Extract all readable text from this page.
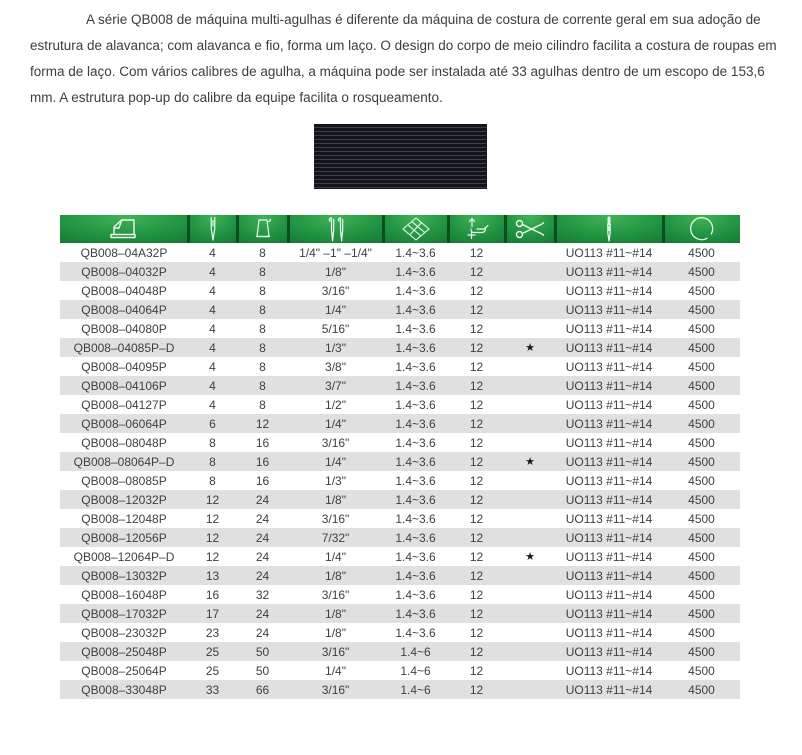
A série QB008 de máquina multi-agulhas é diferente da máquina de costura de corrente geral em sua adoção de
estrutura de alavanca; com alavanca e fio, forma um laço. O design do corpo de meio cilindro facilita a costura de roupas em
forma de laço. Com vários calibres de agulha, a máquina pode ser instalada até 33 agulhas dentro de um escopo de 153,6
mm. A estrutura pop-up do calibre da equipe facilita o rosqueamento.

QB008–04A32P	4	8	1/4" –1" –1/4"	1.4~3.6	12		UO113 #11~#14	4500
QB008–04032P	4	8	1/8"	1.4~3.6	12		UO113 #11~#14	4500
QB008–04048P	4	8	3/16"	1.4~3.6	12		UO113 #11~#14	4500
QB008–04064P	4	8	1/4"	1.4~3.6	12		UO113 #11~#14	4500
QB008–04080P	4	8	5/16"	1.4~3.6	12		UO113 #11~#14	4500
QB008–04085P–D	4	8	1/3"	1.4~3.6	12	★	UO113 #11~#14	4500
QB008–04095P	4	8	3/8"	1.4~3.6	12		UO113 #11~#14	4500
QB008–04106P	4	8	3/7"	1.4~3.6	12		UO113 #11~#14	4500
QB008–04127P	4	8	1/2"	1.4~3.6	12		UO113 #11~#14	4500
QB008–06064P	6	12	1/4"	1.4~3.6	12		UO113 #11~#14	4500
QB008–08048P	8	16	3/16"	1.4~3.6	12		UO113 #11~#14	4500
QB008–08064P–D	8	16	1/4"	1.4~3.6	12	★	UO113 #11~#14	4500
QB008–08085P	8	16	1/3"	1.4~3.6	12		UO113 #11~#14	4500
QB008–12032P	12	24	1/8"	1.4~3.6	12		UO113 #11~#14	4500
QB008–12048P	12	24	3/16"	1.4~3.6	12		UO113 #11~#14	4500
QB008–12056P	12	24	7/32"	1.4~3.6	12		UO113 #11~#14	4500
QB008–12064P–D	12	24	1/4"	1.4~3.6	12	★	UO113 #11~#14	4500
QB008–13032P	13	24	1/8"	1.4~3.6	12		UO113 #11~#14	4500
QB008–16048P	16	32	3/16"	1.4~3.6	12		UO113 #11~#14	4500
QB008–17032P	17	24	1/8"	1.4~3.6	12		UO113 #11~#14	4500
QB008–23032P	23	24	1/8"	1.4~3.6	12		UO113 #11~#14	4500
QB008–25048P	25	50	3/16"	1.4~6	12		UO113 #11~#14	4500
QB008–25064P	25	50	1/4"	1.4~6	12		UO113 #11~#14	4500
QB008–33048P	33	66	3/16"	1.4~6	12		UO113 #11~#14	4500
